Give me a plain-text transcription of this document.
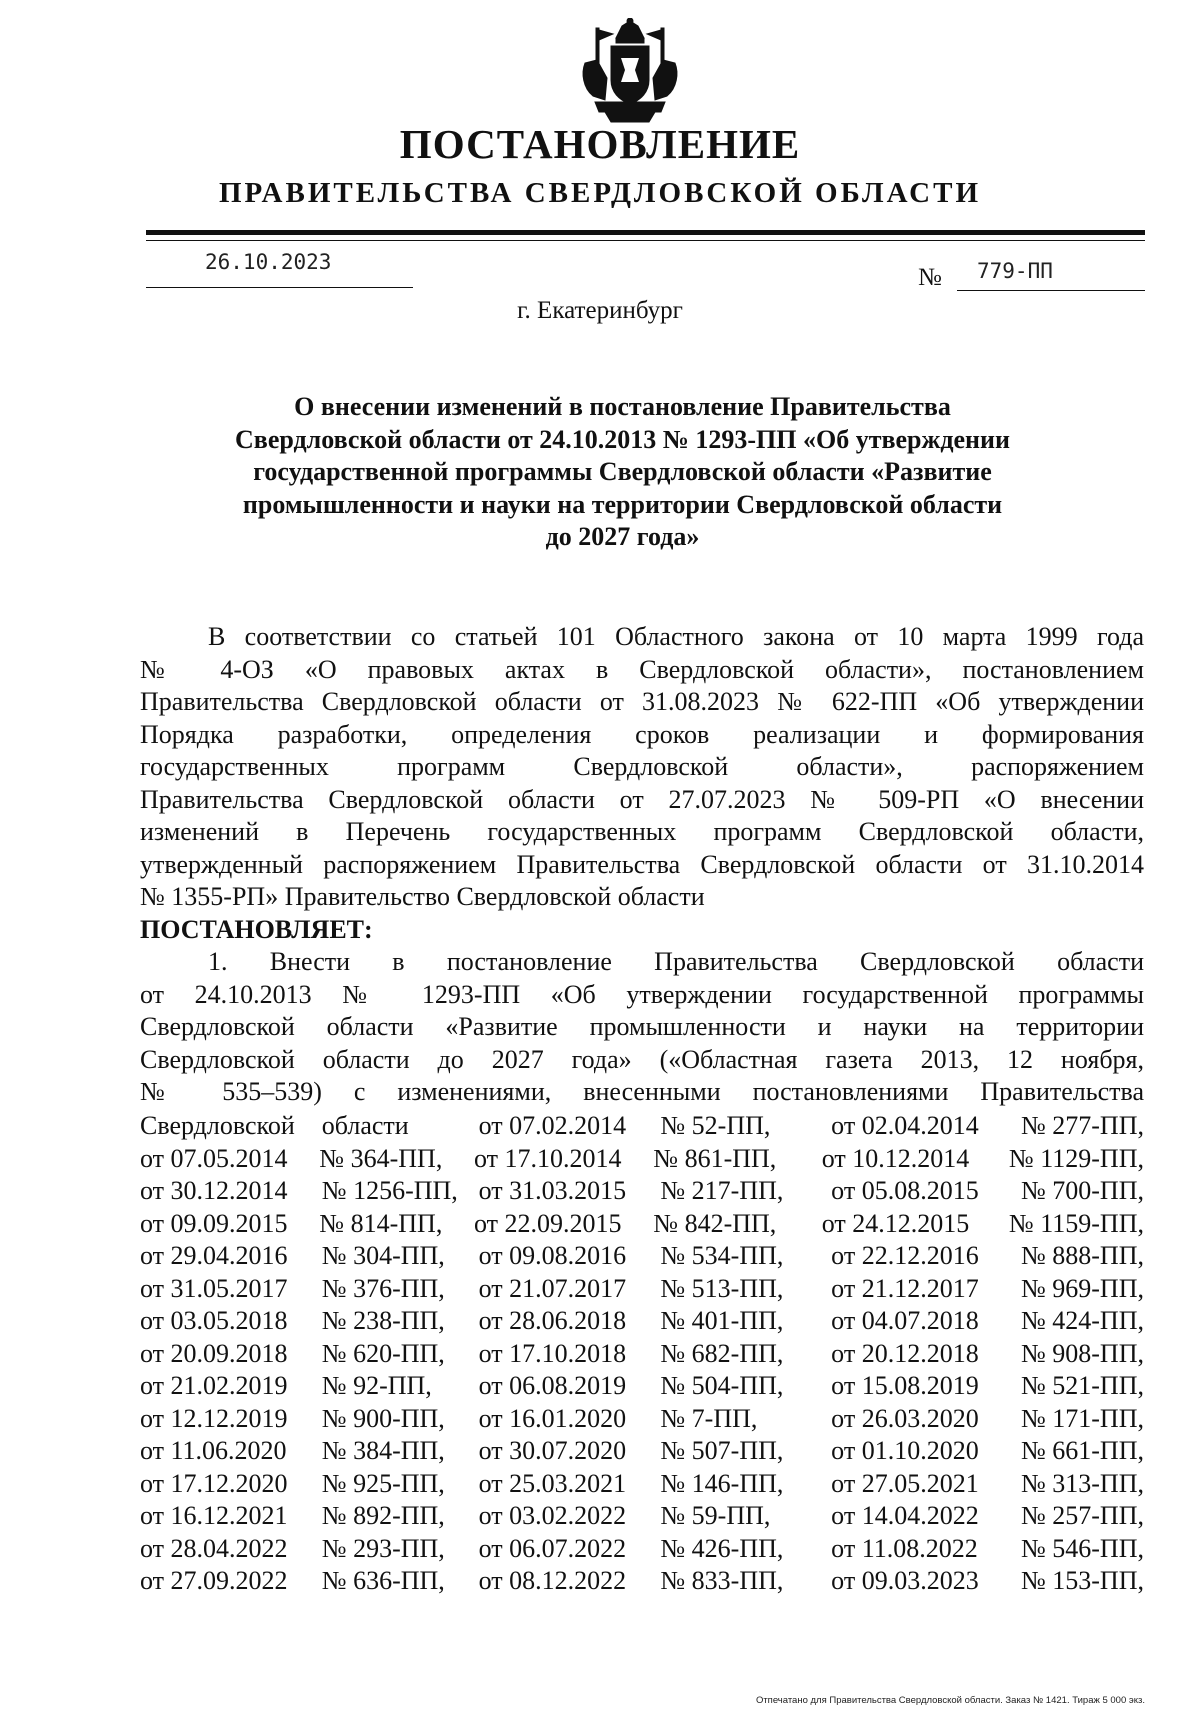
ПОСТАНОВЛЕНИЕ
ПРАВИТЕЛЬСТВА СВЕРДЛОВСКОЙ ОБЛАСТИ
26.10.2023
№ 779-ПП
г. Екатеринбург
О внесении изменений в постановление Правительства
Свердловской области от 24.10.2013 № 1293-ПП «Об утверждении
государственной программы Свердловской области «Развитие
промышленности и науки на территории Свердловской области
до 2027 года»
В соответствии со статьей 101 Областного закона от 10 марта 1999 года
№ 4-ОЗ «О правовых актах в Свердловской области», постановлением
Правительства Свердловской области от 31.08.2023 № 622-ПП «Об утверждении
Порядка разработки, определения сроков реализации и формирования
государственных программ Свердловской области», распоряжением
Правительства Свердловской области от 27.07.2023 № 509-РП «О внесении
изменений в Перечень государственных программ Свердловской области,
утвержденный распоряжением Правительства Свердловской области от 31.10.2014
№ 1355-РП» Правительство Свердловской области
ПОСТАНОВЛЯЕТ:
1. Внести в постановление Правительства Свердловской области
от 24.10.2013 № 1293-ПП «Об утверждении государственной программы
Свердловской области «Развитие промышленности и науки на территории
Свердловской области до 2027 года» («Областная газета 2013, 12 ноября,
№ 535–539) с изменениями, внесенными постановлениями Правительства
Свердловской	области	от 07.02.2014	№ 52-ПП,	от 02.04.2014	№ 277-ПП,
от 07.05.2014	№ 364-ПП,	от 17.10.2014	№ 861-ПП,	от 10.12.2014	№ 1129-ПП,
от 30.12.2014	№ 1256-ПП, от 31.03.2015	№ 217-ПП,	от 05.08.2015	№ 700-ПП,
от 09.09.2015	№ 814-ПП,	от 22.09.2015	№ 842-ПП,	от 24.12.2015	№ 1159-ПП,
от 29.04.2016	№ 304-ПП,	от 09.08.2016	№ 534-ПП,	от 22.12.2016	№ 888-ПП,
от 31.05.2017	№ 376-ПП,	от 21.07.2017	№ 513-ПП,	от 21.12.2017	№ 969-ПП,
от 03.05.2018	№ 238-ПП,	от 28.06.2018	№ 401-ПП,	от 04.07.2018	№ 424-ПП,
от 20.09.2018	№ 620-ПП,	от 17.10.2018	№ 682-ПП,	от 20.12.2018	№ 908-ПП,
от 21.02.2019	№ 92-ПП,	от 06.08.2019	№ 504-ПП,	от 15.08.2019	№ 521-ПП,
от 12.12.2019	№ 900-ПП,	от 16.01.2020	№ 7-ПП,	от 26.03.2020	№ 171-ПП,
от 11.06.2020	№ 384-ПП,	от 30.07.2020	№ 507-ПП,	от 01.10.2020	№ 661-ПП,
от 17.12.2020	№ 925-ПП,	от 25.03.2021	№ 146-ПП,	от 27.05.2021	№ 313-ПП,
от 16.12.2021	№ 892-ПП,	от 03.02.2022	№ 59-ПП,	от 14.04.2022	№ 257-ПП,
от 28.04.2022	№ 293-ПП,	от 06.07.2022	№ 426-ПП,	от 11.08.2022	№ 546-ПП,
от 27.09.2022	№ 636-ПП,	от 08.12.2022	№ 833-ПП,	от 09.03.2023	№ 153-ПП,
Отпечатано для Правительства Свердловской области. Заказ № 1421. Тираж 5 000 экз.
